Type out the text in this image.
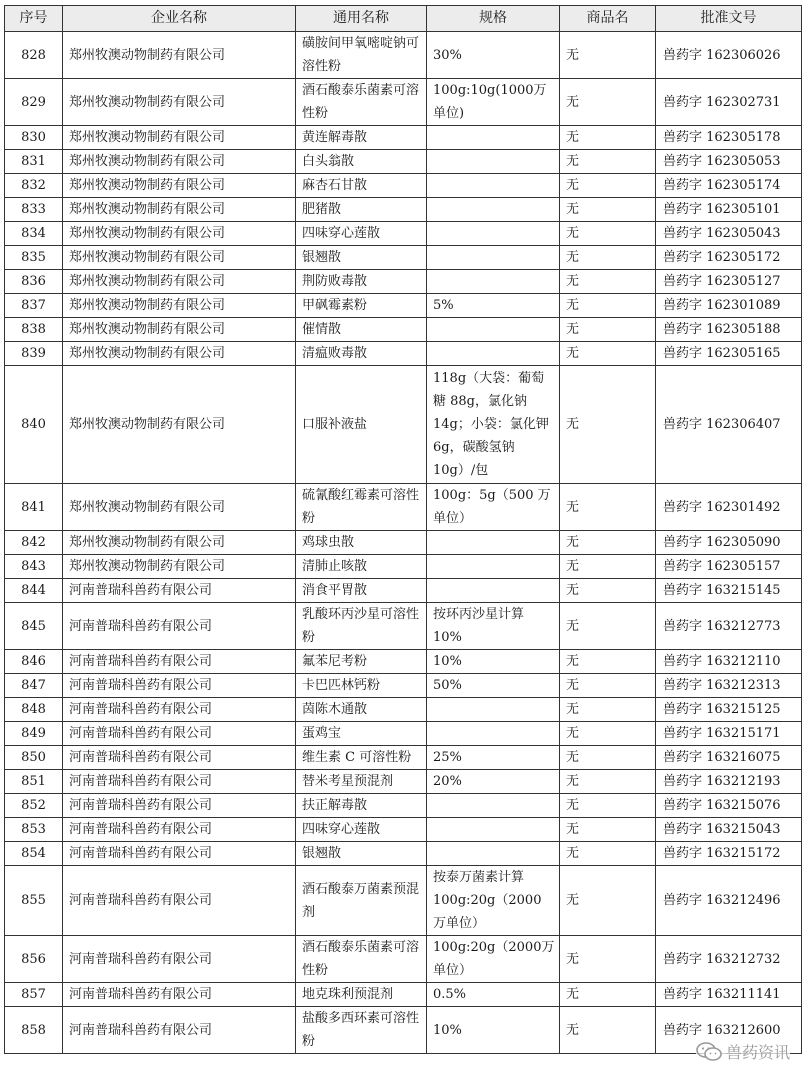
序号	企业名称	通用名称	规格	商品名	批准文号
828	郑州牧澳动物制药有限公司	磺胺间甲氧嘧啶钠可溶性粉	30%	无	兽药字 162306026
829	郑州牧澳动物制药有限公司	酒石酸泰乐菌素可溶性粉	100g:10g(1000万单位)	无	兽药字 162302731
830	郑州牧澳动物制药有限公司	黄连解毒散		无	兽药字 162305178
831	郑州牧澳动物制药有限公司	白头翁散		无	兽药字 162305053
832	郑州牧澳动物制药有限公司	麻杏石甘散		无	兽药字 162305174
833	郑州牧澳动物制药有限公司	肥猪散		无	兽药字 162305101
834	郑州牧澳动物制药有限公司	四味穿心莲散		无	兽药字 162305043
835	郑州牧澳动物制药有限公司	银翘散		无	兽药字 162305172
836	郑州牧澳动物制药有限公司	荆防败毒散		无	兽药字 162305127
837	郑州牧澳动物制药有限公司	甲砜霉素粉	5%	无	兽药字 162301089
838	郑州牧澳动物制药有限公司	催情散		无	兽药字 162305188
839	郑州牧澳动物制药有限公司	清瘟败毒散		无	兽药字 162305165
840	郑州牧澳动物制药有限公司	口服补液盐	118g（大袋：葡萄糖 88g，氯化钠 14g；小袋：氯化钾 6g，碳酸氢钠 10g）/包	无	兽药字 162306407
841	郑州牧澳动物制药有限公司	硫氰酸红霉素可溶性粉	100g：5g（500 万单位）	无	兽药字 162301492
842	郑州牧澳动物制药有限公司	鸡球虫散		无	兽药字 162305090
843	郑州牧澳动物制药有限公司	清肺止咳散		无	兽药字 162305157
844	河南普瑞科兽药有限公司	消食平胃散		无	兽药字 163215145
845	河南普瑞科兽药有限公司	乳酸环丙沙星可溶性粉	按环丙沙星计算 10%	无	兽药字 163212773
846	河南普瑞科兽药有限公司	氟苯尼考粉	10%	无	兽药字 163212110
847	河南普瑞科兽药有限公司	卡巴匹林钙粉	50%	无	兽药字 163212313
848	河南普瑞科兽药有限公司	茵陈木通散		无	兽药字 163215125
849	河南普瑞科兽药有限公司	蛋鸡宝		无	兽药字 163215171
850	河南普瑞科兽药有限公司	维生素 C 可溶性粉	25%	无	兽药字 163216075
851	河南普瑞科兽药有限公司	替米考星预混剂	20%	无	兽药字 163212193
852	河南普瑞科兽药有限公司	扶正解毒散		无	兽药字 163215076
853	河南普瑞科兽药有限公司	四味穿心莲散		无	兽药字 163215043
854	河南普瑞科兽药有限公司	银翘散		无	兽药字 163215172
855	河南普瑞科兽药有限公司	酒石酸泰万菌素预混剂	按泰万菌素计算 100g:20g（2000 万单位）	无	兽药字 163212496
856	河南普瑞科兽药有限公司	酒石酸泰乐菌素可溶性粉	100g:20g（2000万单位）	无	兽药字 163212732
857	河南普瑞科兽药有限公司	地克珠利预混剂	0.5%	无	兽药字 163211141
858	河南普瑞科兽药有限公司	盐酸多西环素可溶性粉	10%	无	兽药字 163212600
兽药资讯
